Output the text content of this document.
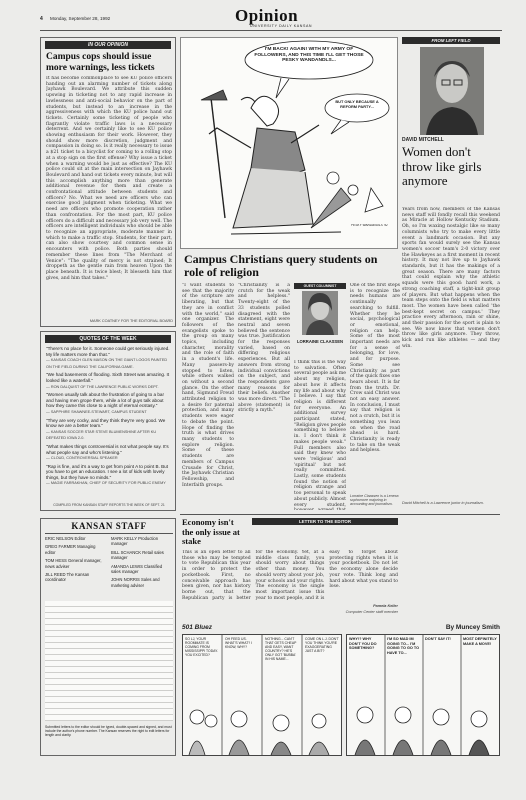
4 Monday, September 28, 1992	Opinion
UNIVERSITY DAILY KANSAN
IN OUR OPINION
Campus cops should issue more warnings, less tickets
It has become commonplace to see KU police officers handing out an alarming number of tickets along Jayhawk Boulevard. We attribute this sudden upswing in ticketing not to any rapid increase in lawlessness and anti-social behavior on the part of students, but instead to an increase in the aggressiveness with which the KU police hand out tickets. Certainly some ticketing of people who flagrantly violate traffic laws is a necessary deterrent. And we certainly like to see KU police showing enthusiasm for their work. However, they should show more discretion, judgment and compassion in doing so. Is it really necessary to issue a $21 ticket to a bicyclist for coming to a rolling stop at a stop sign on the first offense? Why issue a ticket when a warning would be just as effective? The KU police could sit at the main intersection on Jayhawk Boulevard and hand out tickets every minute, but will this accomplish anything more than generate additional revenue for them and create a confrontational attitude between students and officers? No. What we need are officers who can exercise good judgment when ticketing. What we need are officers who promote cooperation rather than confrontation. For the most part, KU police officers do a difficult and necessary job very well. The officers are intelligent individuals who should be able to recognize an appropriate, moderate manner in which to make a traffic stop. Students, for their part, can also show courtesy and common sense in encounters with police. Both parties should remember these lines from "The Merchant of Venice": "The quality of mercy is not strained; It droppeth as the gentle rain from heaven Upon the place beneath. It is twice blest; It blesseth him that gives, and him that takes."
MARK COATNEY FOR THE EDITORIAL BOARD
QUOTES OF THE WEEK

"There's no place for it. Someone could get seriously injured. My life matters more than that."
— KANSAS COACH GLEN MASON ON THE GIANT LOGOS PAINTED ON THE FIELD DURING THE CALIFORNIA GAME.

"We had basements of flooding. Sixth Street was amazing. It looked like a waterfall."
— RON DALQUIST OF THE LAWRENCE PUBLIC WORKS DEPT.

"Women usually talk about the frustration of going to a bar and having men grope them, while a lot of guys talk about how they came this close to a night of eternal ecstasy."
— SAPPHIRE SHAWNEE-STEWART, CAMPUS STUDENT

"They are very cocky, and they think they're very good. We know we are a better team."
— KANSAS SOCCER STAR STEVE BLUMENSHINE AFTER KU DEFEATED IOWA 2-0.

"What makes things controversial is not what people say. It's what people say and who's listening."
— CLOUD, CONTROVERSIAL SPEAKER

"Rap is fine, and it's a way to get from point A to point B. But you have to get an education. I see a lot of kids with lovely things, but they have no minds."
— MAGIE FARRAKHAN, CHIEF OF SECURITY FOR PUBLIC ENEMY

COMPILED FROM KANSAN STAFF REPORTS THE WEEK OF SEPT. 21
I'M BACK! AGAIN! WITH MY ARMY OF FOLLOWERS, AND THIS TIME I'LL GET THOSE PESKY WANDANDLS...
BUT ONLY BECAUSE A REFORM PARTY...
PESKY WANDANDLS '92
FROM LEFT FIELD
DAVID MITCHELL
Women don't throw like girls anymore
Years from now, members of the Kansas news staff will fondly recall this weekend as Miracle at Hollow Kentucky Stadium. Oh, so I'm waxing nostalgic like so many columnists who try to make every little event a landmark occasion. But any sports fan would surely see the Kansas women's soccer team's 2-0 victory over the Hawkeyes as a first moment in recent history. It may not live up to Jayhawk standards, but it has the makings of a great season. There are many factors that could explain why the athletic squads were this good: hard work, a strong coaching staff, a tight-knit group of players. But what happens when the team steps onto the field is what matters most. The women have been called 'the best-kept secret on campus.' They practice every afternoon, rain or shine, and their passion for the sport is plain to see. We now know that women don't throw like girls anymore. They throw, kick and run like athletes — and they win.
David Mitchell is a Lawrence junior in journalism.
Campus Christians query students on role of religion
"I want students to see that the majority of the scripture are liberating, but that they are in conflict with the world," said one organizer. The followers of the evangelists spoke to the group on many topics, including character, morality and the role of faith in a student's life. Many passers-by stopped to listen, while others walked on without a second glance. On the other hand, Sigmund Freud attributed religion to a desire for paternal protection, and many students were eager to debate the point. Hope of finding the truth is what drives many students to explore religion. Some of these students are members of Campus Crusade for Christ, the Jayhawk Christian Fellowship, and Interfaith groups.
"Christianity is a crutch for the weak and helpless." Twenty-eight of the 33 students polled disagreed with the statement, eight were neutral and seven believed the sentence was true. Justification for the responses varied, based on differing religious experiences. But all answers from strong individual convictions on the subject, and the respondents gave many reasons for their beliefs. Another was more direct. "The above (statement) is strictly a myth."
GUEST COLUMNIST
LORRAINE CLAASSEN
I think this is the way to salvation. Often several people ask me about my religion, about how it affects my life and about why I believe. I say that religion is different for everyone. An additional survey participant stated, "Religion gives people something to believe in. I don't think it makes people weak." Full members also said they knew who were 'religious' and 'spiritual' but not really committed. Lastly, some students found the notion of religion strange and too personal to speak about publicly. Almost every student,
One of the first steps is to recognize the needs humans are continually searching to fulfill. Whether they be social, psychological or emotional, religion can help. Some of the most important needs are for a sense of belonging, for love, and for purpose. Some see Christianity as part of the quick fixes one hears about. It is far from the truth. Dr. Crow said Christ was not an easy answer. In conclusion, I must say that religion is not a crutch, but it is something you lean on when the road ahead is hard. Christianity is ready to take on the weak and helpless.
Lorraine Claassen is a Lenexa sophomore majoring in accounting and journalism.
Economy isn't the only issue at stake
LETTER TO THE EDITOR
This is an open letter to all those who may be tempted to vote Republican this year in order to protect the pocketbook. First, no conceivable approach has been given, nor has history borne out, that the Republican party is better for the economy. Yet, at a middle class family, you should worry about things other than money. You should worry about your job, your schools and your rights. The economy is the single most important issue this year to most people, and it is easy to forget about protecting rights when it is your pocketbook. Do not let the economy alone decide your vote. Think long and hard about what you stand to lose.
Pamela Keller
Computer Center staff member
KANSAN STAFF
ERIC NELSON Editor
GREG FARMER Managing editor
TOM HESS General manager, news adviser
JILL REED The Kansan coordinator
MARK KELLY Production manager
BILL SCHANCK Retail sales manager
AMANDA LEWIS Classified sales manager
JOHN NORRIS Sales and marketing adviser
Submitted letters to the editor should be typed, double-spaced and signed, and must include the author's phone number. The Kansan reserves the right to edit letters for length and clarity.
501 Bluez
SO LJ, YOUR ROOMMATE IS COMING FROM MISSISSIPPI TODAY. YOU EXCITED?
OH FEED US. WHAT'S WHAT? I KNOW, WHY?
NOTHING... CAN'T THAT GETS CHEAP AND EASY, WANT COUNTRY? HE'S ONLY GOT 'BUBBA' IN HIS NAME...
COME ON L.J. DON'T YOU THINK YOU'RE EXAGGERATING JUST A BIT?
By Muncey Smith
WHY!? WHY DON'T YOU DO SOMETHING?
I'M SO MAD IM GOING TO... I'M GOING TO GO TO HAVE TO...
DON'T SAY IT!	MOST DEFINITELY MAKE A MOVE!
